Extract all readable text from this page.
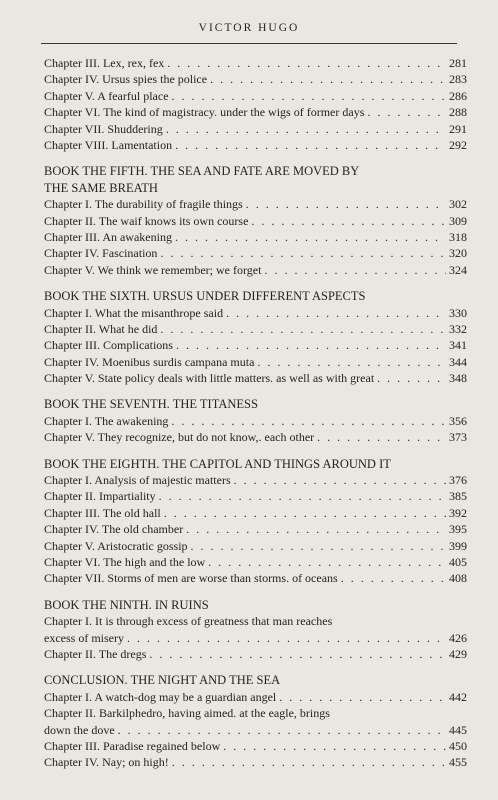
VICTOR HUGO
Chapter III. Lex, rex, fex . . .	281
Chapter IV. Ursus spies the police . . .	283
Chapter V. A fearful place . . .	286
Chapter VI. The kind of magistracy. under the wigs of former days . . .	288
Chapter VII. Shuddering . . .	291
Chapter VIII. Lamentation . . .	292
BOOK THE FIFTH. THE SEA AND FATE ARE MOVED BY
THE SAME BREATH
Chapter I. The durability of fragile things . . .	302
Chapter II. The waif knows its own course . . .	309
Chapter III. An awakening . . .	318
Chapter IV. Fascination . . .	320
Chapter V. We think we remember; we forget . . .	324
BOOK THE SIXTH. URSUS UNDER DIFFERENT ASPECTS
Chapter I. What the misanthrope said . . .	330
Chapter II. What he did . . .	332
Chapter III. Complications . . .	341
Chapter IV. Moenibus surdis campana muta . . .	344
Chapter V. State policy deals with little matters. as well as with great . . .	348
BOOK THE SEVENTH. THE TITANESS
Chapter I. The awakening . . .	356
Chapter V. They recognize, but do not know,. each other . . .	373
BOOK THE EIGHTH. THE CAPITOL AND THINGS AROUND IT
Chapter I. Analysis of majestic matters . . .	376
Chapter II. Impartiality . . .	385
Chapter III. The old hall . . .	392
Chapter IV. The old chamber . . .	395
Chapter V. Aristocratic gossip . . .	399
Chapter VI. The high and the low . . .	405
Chapter VII. Storms of men are worse than storms. of oceans . . .	408
BOOK THE NINTH. IN RUINS
Chapter I. It is through excess of greatness that man reaches
excess of misery . . .	426
Chapter II. The dregs . . .	429
CONCLUSION. THE NIGHT AND THE SEA
Chapter I. A watch-dog may be a guardian angel . . .	442
Chapter II. Barkilphedro, having aimed. at the eagle, brings
down the dove . . .	445
Chapter III. Paradise regained below . . .	450
Chapter IV. Nay; on high! . . .	455
